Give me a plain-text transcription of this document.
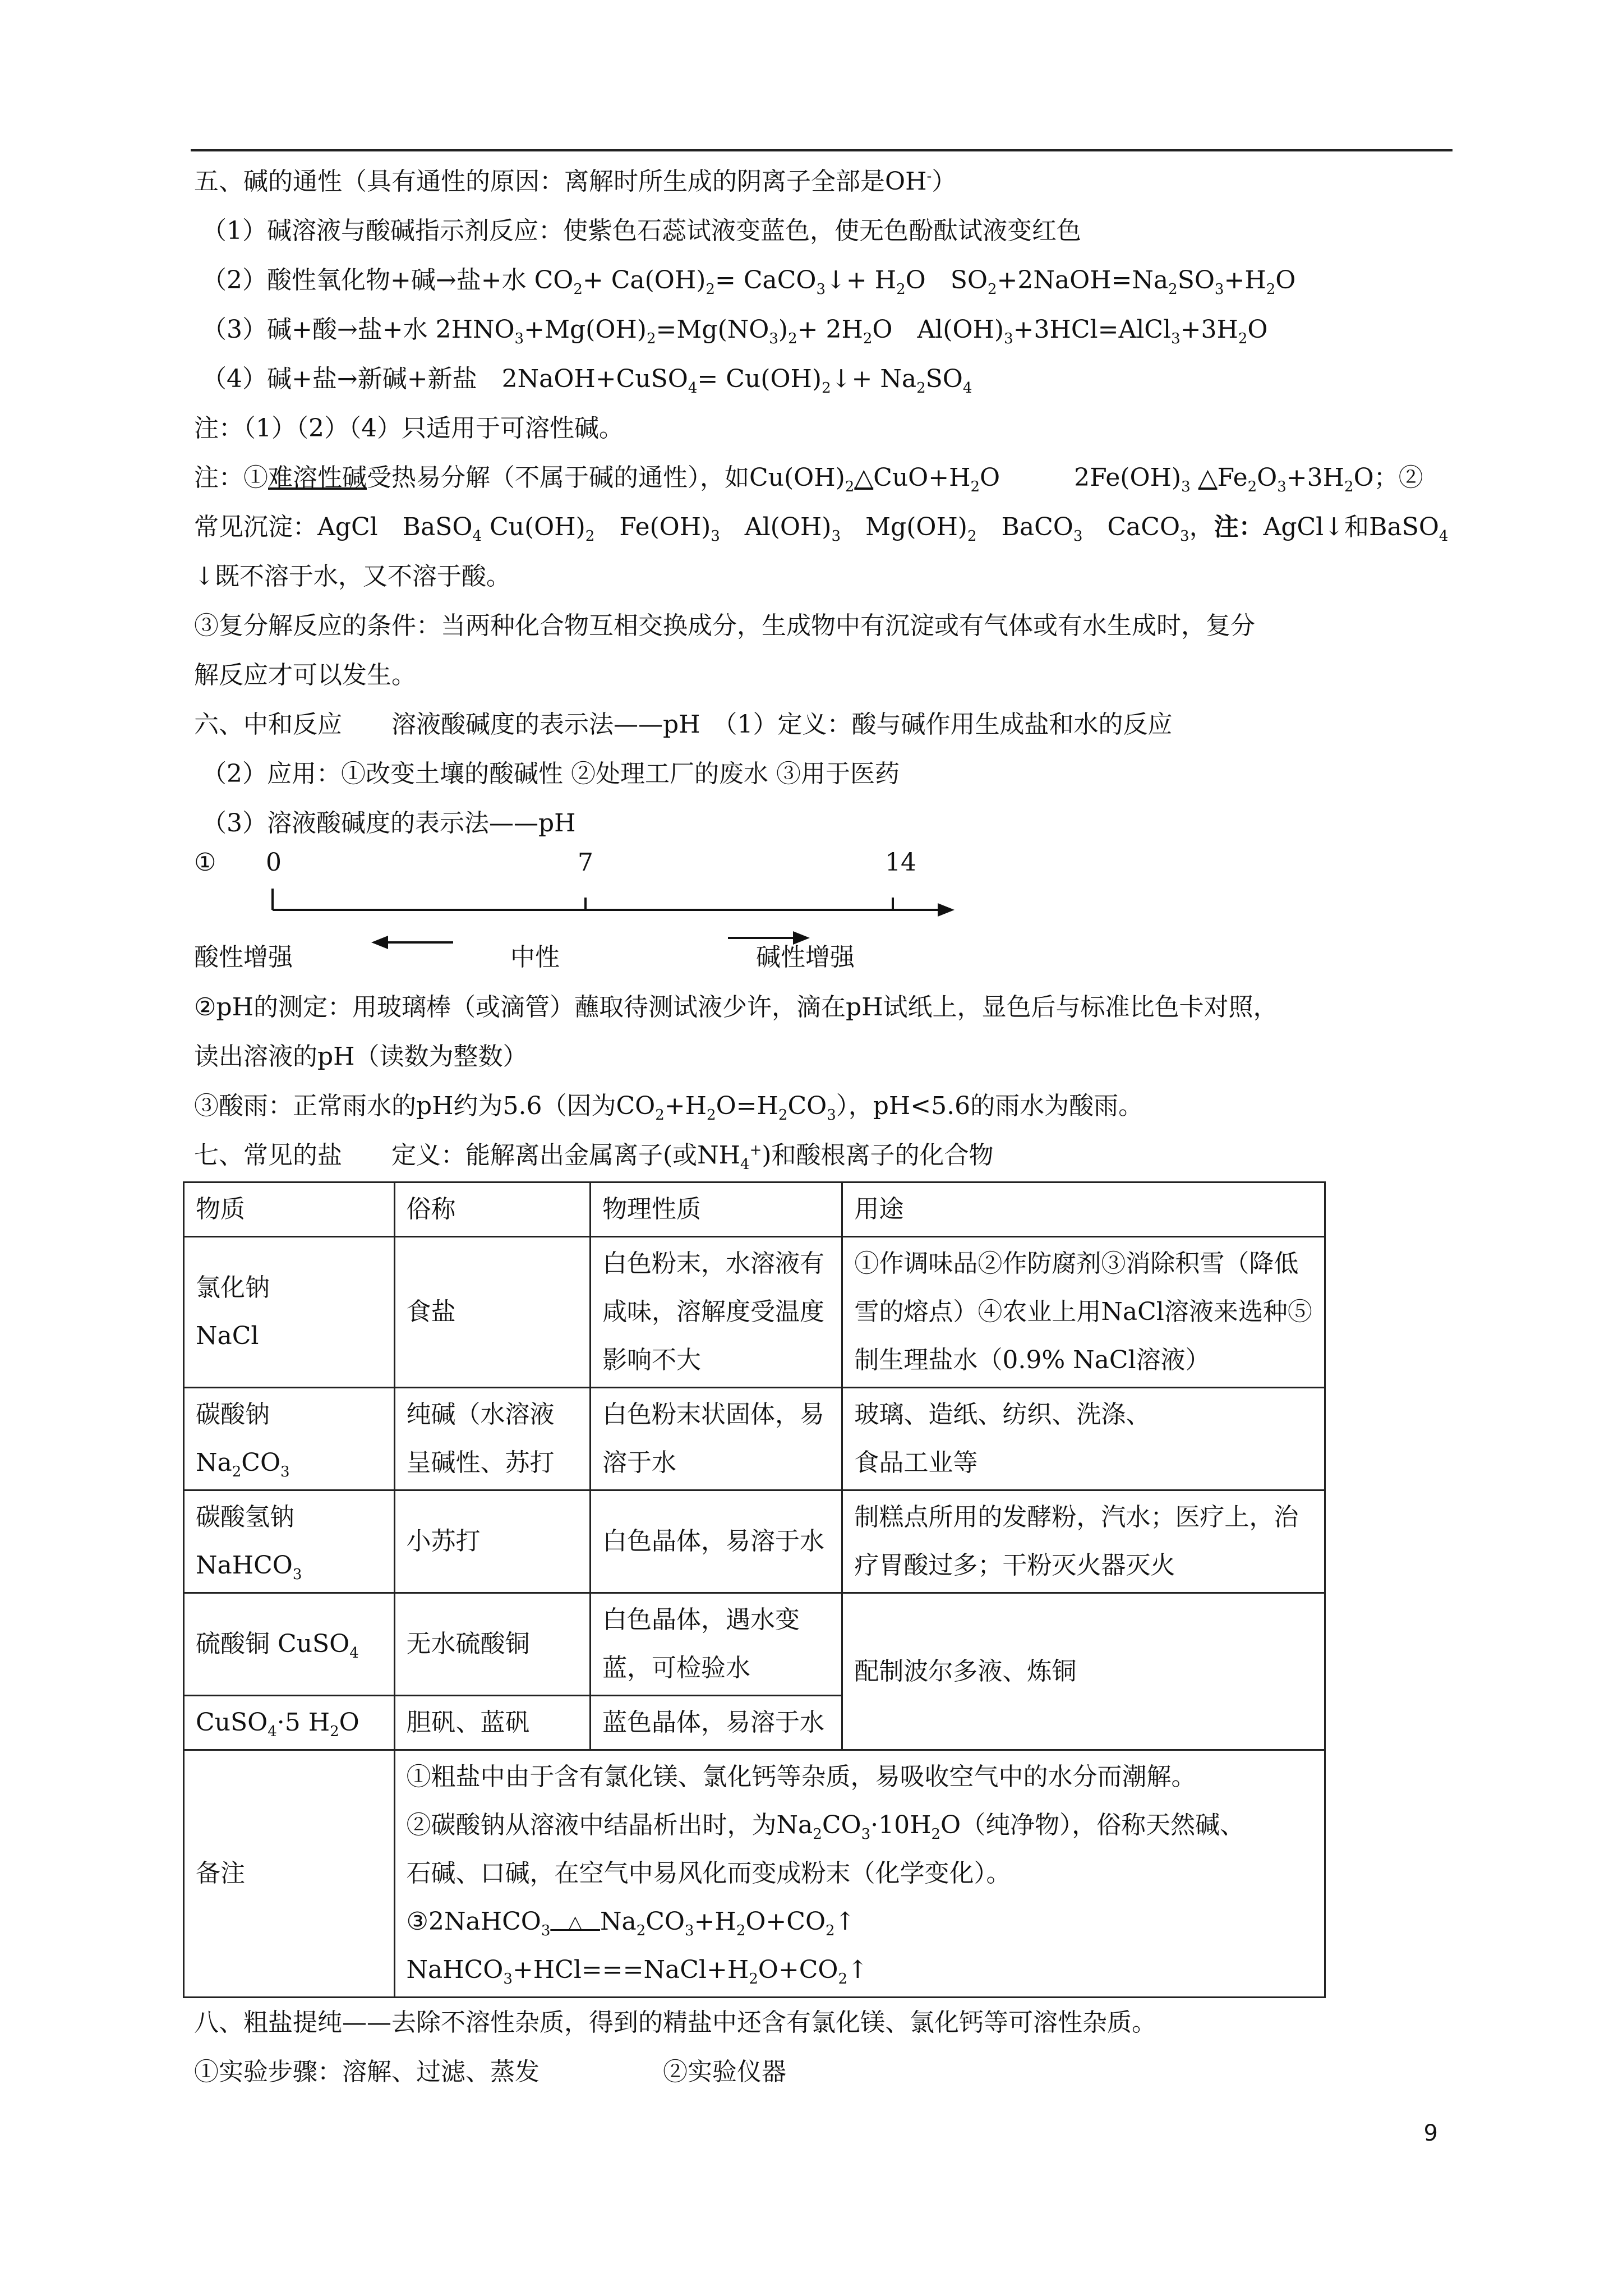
五、碱的通性（具有通性的原因：离解时所生成的阴离子全部是OH-）
（1）碱溶液与酸碱指示剂反应：使紫色石蕊试液变蓝色，使无色酚酞试液变红色
（2）酸性氧化物+碱→盐+水 $CO_2+ Ca(OH)_2=$ CaCO$_3$↓+ $H_2O$　$SO_2+2NaOH=Na_2SO_3+H_2O$
（3）碱+酸→盐+水 $2HNO_3+Mg(OH)_2=Mg(NO_3)_2+ 2H_2O$　$Al(OH)_3+3HCl=AlCl_3+3H_2O$
（4）碱+盐→新碱+新盐　2NaOH+CuSO$_4$= $Cu(OH)_2↓+ Na_2SO_4$
注：（1）（2）（4）只适用于可溶性碱。
注：①难溶性碱受热易分解（不属于碱的通性），如$Cu(OH)_2\triangle CuO+H_2O$　　　$2Fe(OH)_3$ $\triangle Fe_2O_3+3H_2O$；②
常见沉淀：AgCl　BaSO$_4$ $Cu(OH)_2$　$Fe(OH)_3$　$Al(OH)_3$　$Mg(OH)_2$　BaCO$_3$　CaCO$_3$，注：AgCl↓和BaSO$_4$
↓既不溶于水，又不溶于酸。
③复分解反应的条件：当两种化合物互相交换成分，生成物中有沉淀或有气体或有水生成时，复分
解反应才可以发生。
六、中和反应　　溶液酸碱度的表示法——pH　（1）定义：酸与碱作用生成盐和水的反应
（2）应用：①改变土壤的酸碱性 ②处理工厂的废水 ③用于医药
（3）溶液酸碱度的表示法——pH
① 0	7	14
酸性增强	中性	碱性增强
②pH的测定：用玻璃棒（或滴管）蘸取待测试液少许，滴在pH试纸上，显色后与标准比色卡对照，
读出溶液的pH（读数为整数）
③酸雨：正常雨水的pH约为5.6（因为$CO_2+H_2O=H_2CO_3$），pH<5.6的雨水为酸雨。
七、常见的盐　　定义：能解离出金属离子(或$NH_4^+$)和酸根离子的化合物
物质	俗称	物理性质	用途
氯化钠
NaCl	食盐	白色粉末，水溶液有咸味，溶解度受温度影响不大	①作调味品②作防腐剂③消除积雪（降低雪的熔点）④农业上用NaCl溶液来选种⑤制生理盐水（0.9% NaCl溶液）
碳酸钠
$Na_2CO_3$	纯碱（水溶液呈碱性、苏打	白色粉末状固体，易溶于水	玻璃、造纸、纺织、洗涤、
食品工业等
碳酸氢钠
NaHCO$_3$	小苏打	白色晶体，易溶于水	制糕点所用的发酵粉，汽水；医疗上，治疗胃酸过多；干粉灭火器灭火
硫酸铜 CuSO$_4$	无水硫酸铜	白色晶体，遇水变蓝，可检验水	配制波尔多液、炼铜
CuSO$_4$·5 $H_2O$	胆矾、蓝矾	蓝色晶体，易溶于水	
备注	①粗盐中由于含有氯化镁、氯化钙等杂质，易吸收空气中的水分而潮解。
②碳酸钠从溶液中结晶析出时，为$Na_2CO_3\cdot 10H_2O$（纯净物），俗称天然碱、
石碱、口碱，在空气中易风化而变成粉末（化学变化）。
③2NaHCO$_3$　△　$Na_2CO_3+H_2O+CO_2↑$　$NaHCO_3+HCl===NaCl+H_2O+CO_2↑$		
八、粗盐提纯——去除不溶性杂质，得到的精盐中还含有氯化镁、氯化钙等可溶性杂质。
①实验步骤：溶解、过滤、蒸发　　　　　②实验仪器
9
